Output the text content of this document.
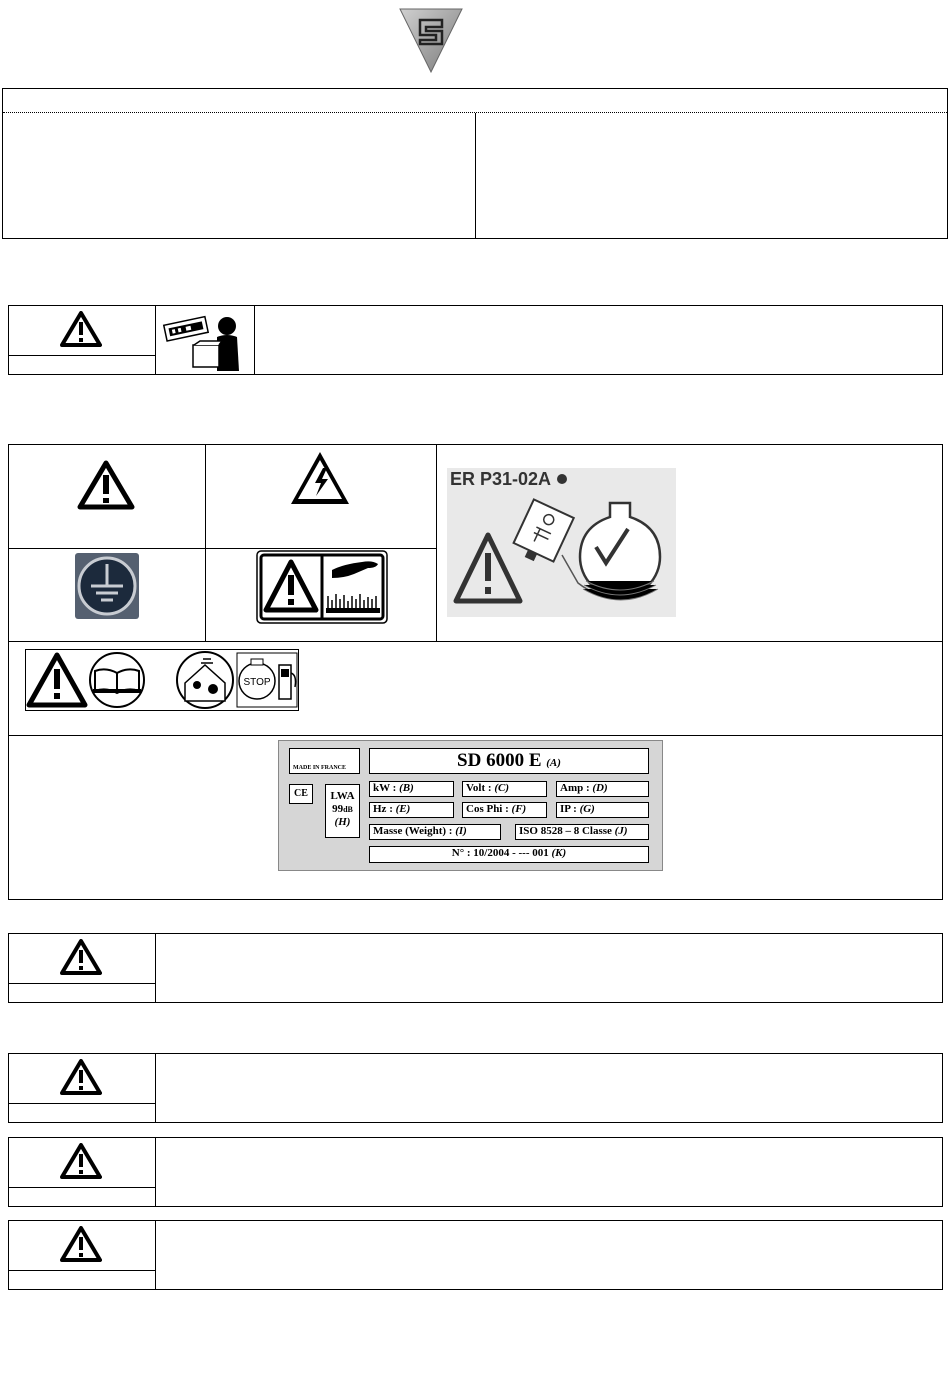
ER P31-02A
STOP
MADE IN FRANCE	SD 6000 E (A)
kW : (B)	Volt : (C)	Amp : (D)
Hz : (E)	Cos Phi : (F)	IP : (G)
CE	LWA
99dB
(H)
Masse (Weight) : (I)	ISO 8528 – 8 Classe (J)
N° : 10/2004 - --- 001 (K)
